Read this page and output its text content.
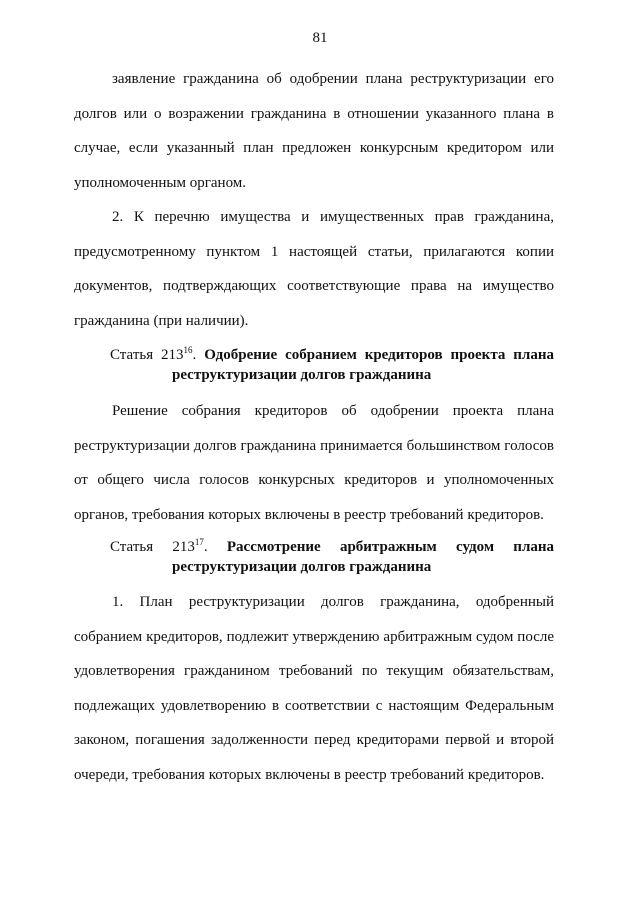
81
заявление гражданина об одобрении плана реструктуризации его
долгов или о возражении гражданина в отношении указанного плана в
случае, если указанный план предложен конкурсным кредитором или
уполномоченным органом.
2. К перечню имущества и имущественных прав гражданина,
предусмотренному пунктом 1 настоящей статьи, прилагаются копии
документов, подтверждающих соответствующие права на имущество
гражданина (при наличии).
Статья $213^{16}$. Одобрение собранием кредиторов проекта плана
реструктуризации долгов гражданина
Решение собрания кредиторов об одобрении проекта плана
реструктуризации долгов гражданина принимается большинством голосов
от общего числа голосов конкурсных кредиторов и уполномоченных
органов, требования которых включены в реестр требований кредиторов.
Статья $213^{17}$. Рассмотрение арбитражным судом плана
реструктуризации долгов гражданина
1. План реструктуризации долгов гражданина, одобренный
собранием кредиторов, подлежит утверждению арбитражным судом после
удовлетворения гражданином требований по текущим обязательствам,
подлежащих удовлетворению в соответствии с настоящим Федеральным
законом, погашения задолженности перед кредиторами первой и второй
очереди, требования которых включены в реестр требований кредиторов.
